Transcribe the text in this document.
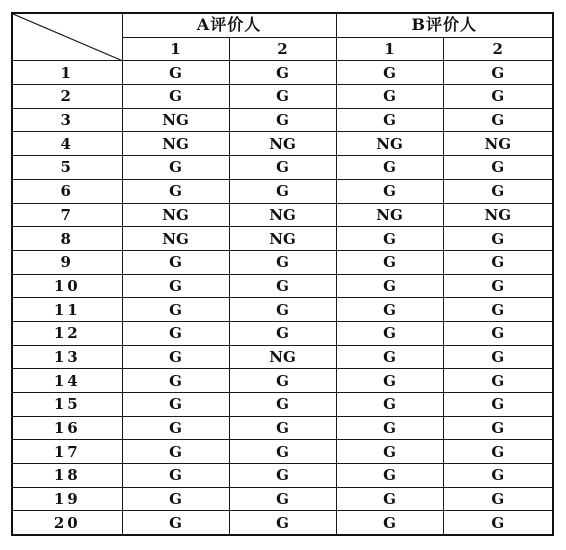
	A评价人		B评价人	
	1	2	1	2
1	G	G	G	G
2	G	G	G	G
3	NG	G	G	G
4	NG	NG	NG	NG
5	G	G	G	G
6	G	G	G	G
7	NG	NG	NG	NG
8	NG	NG	G	G
9	G	G	G	G
10	G	G	G	G
11	G	G	G	G
12	G	G	G	G
13	G	NG	G	G
14	G	G	G	G
15	G	G	G	G
16	G	G	G	G
17	G	G	G	G
18	G	G	G	G
19	G	G	G	G
20	G	G	G	G
